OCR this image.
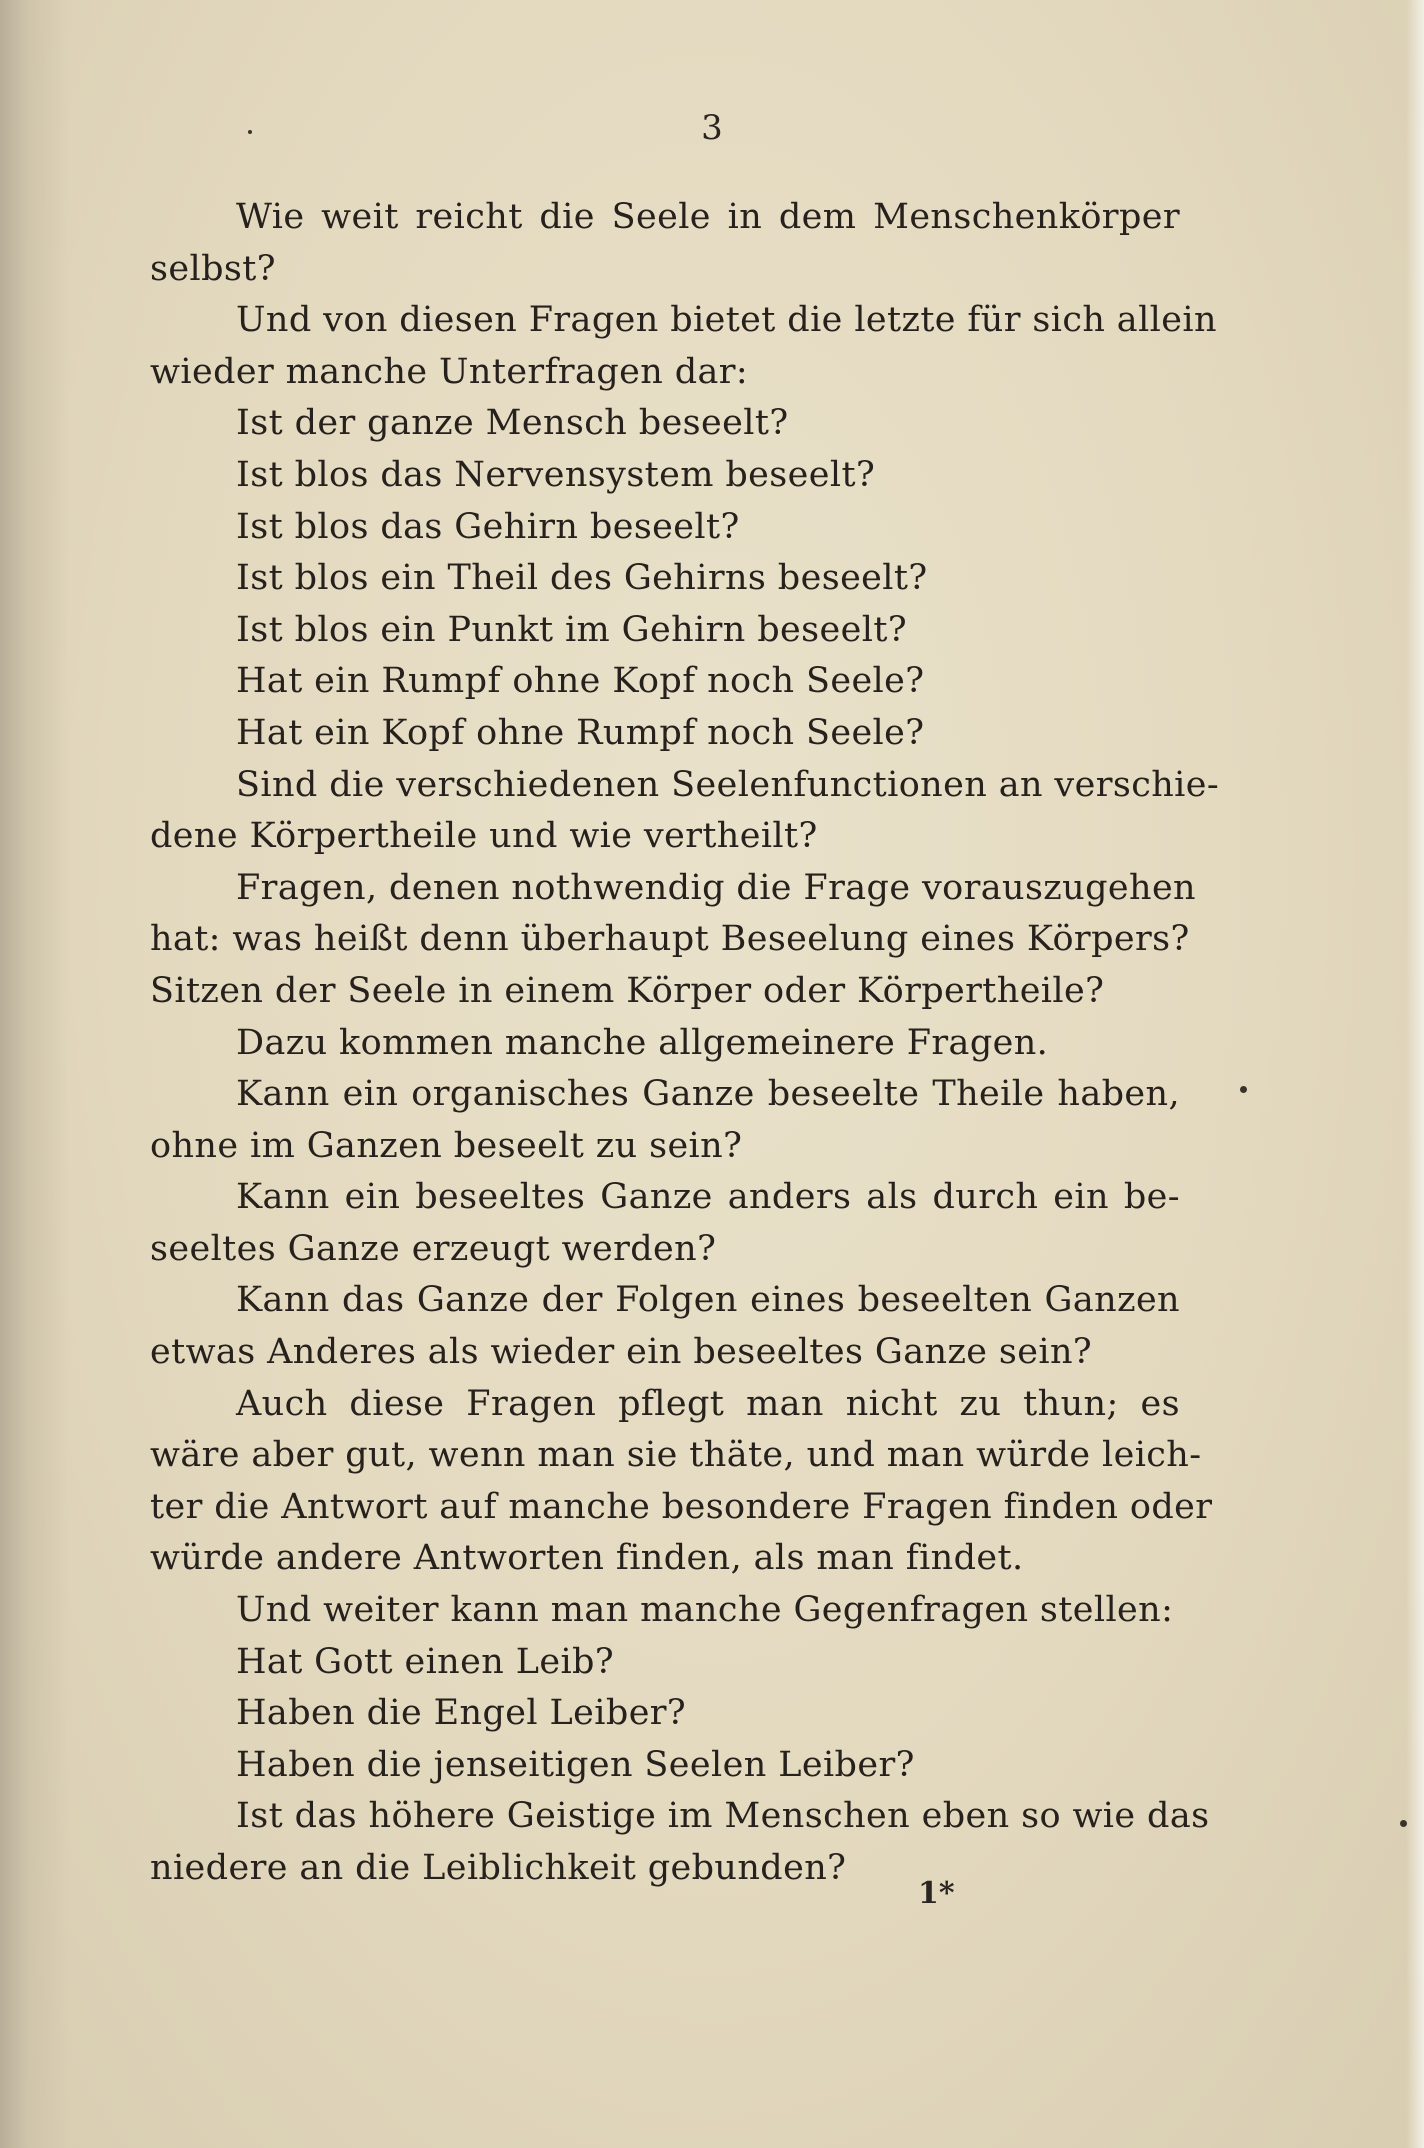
3
Wie weit reicht die Seele in dem Menschenkörper
selbst?
Und von diesen Fragen bietet die letzte für sich allein
wieder manche Unterfragen dar:
Ist der ganze Mensch beseelt?
Ist blos das Nervensystem beseelt?
Ist blos das Gehirn beseelt?
Ist blos ein Theil des Gehirns beseelt?
Ist blos ein Punkt im Gehirn beseelt?
Hat ein Rumpf ohne Kopf noch Seele?
Hat ein Kopf ohne Rumpf noch Seele?
Sind die verschiedenen Seelenfunctionen an verschie-
dene Körpertheile und wie vertheilt?
Fragen, denen nothwendig die Frage vorauszugehen
hat: was heißt denn überhaupt Beseelung eines Körpers?
Sitzen der Seele in einem Körper oder Körpertheile?
Dazu kommen manche allgemeinere Fragen.
Kann ein organisches Ganze beseelte Theile haben,
ohne im Ganzen beseelt zu sein?
Kann ein beseeltes Ganze anders als durch ein be-
seeltes Ganze erzeugt werden?
Kann das Ganze der Folgen eines beseelten Ganzen
etwas Anderes als wieder ein beseeltes Ganze sein?
Auch diese Fragen pflegt man nicht zu thun; es
wäre aber gut, wenn man sie thäte, und man würde leich-
ter die Antwort auf manche besondere Fragen finden oder
würde andere Antworten finden, als man findet.
Und weiter kann man manche Gegenfragen stellen:
Hat Gott einen Leib?
Haben die Engel Leiber?
Haben die jenseitigen Seelen Leiber?
Ist das höhere Geistige im Menschen eben so wie das
niedere an die Leiblichkeit gebunden?
1*
